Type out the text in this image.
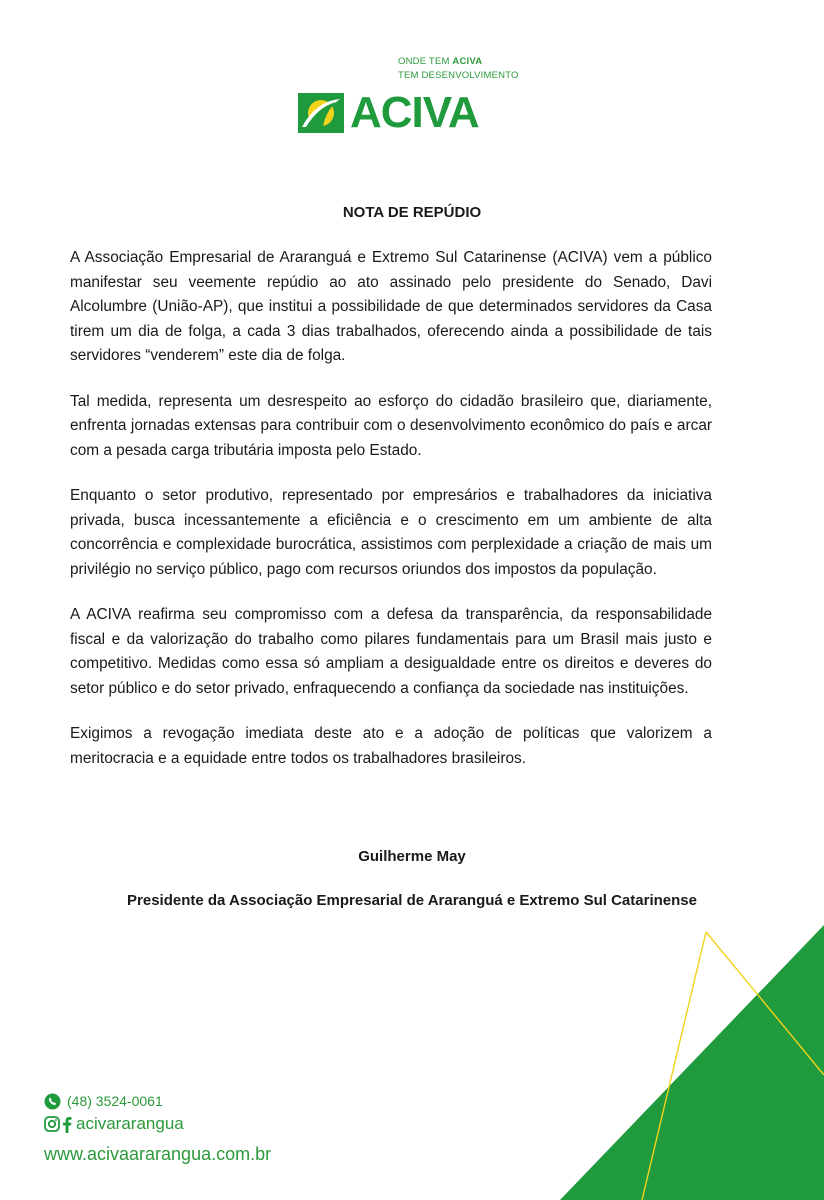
ONDE TEM ACIVA
TEM DESENVOLVIMENTO
ACIVA
NOTA DE REPÚDIO

A Associação Empresarial de Araranguá e Extremo Sul Catarinense (ACIVA) vem a público manifestar seu veemente repúdio ao ato assinado pelo presidente do Senado, Davi Alcolumbre (União-AP), que institui a possibilidade de que determinados servidores da Casa tirem um dia de folga, a cada 3 dias trabalhados, oferecendo ainda a possibilidade de tais servidores “venderem” este dia de folga.

Tal medida, representa um desrespeito ao esforço do cidadão brasileiro que, diariamente, enfrenta jornadas extensas para contribuir com o desenvolvimento econômico do país e arcar com a pesada carga tributária imposta pelo Estado.

Enquanto o setor produtivo, representado por empresários e trabalhadores da iniciativa privada, busca incessantemente a eficiência e o crescimento em um ambiente de alta concorrência e complexidade burocrática, assistimos com perplexidade a criação de mais um privilégio no serviço público, pago com recursos oriundos dos impostos da população.

A ACIVA reafirma seu compromisso com a defesa da transparência, da responsabilidade fiscal e da valorização do trabalho como pilares fundamentais para um Brasil mais justo e competitivo. Medidas como essa só ampliam a desigualdade entre os direitos e deveres do setor público e do setor privado, enfraquecendo a confiança da sociedade nas instituições.

Exigimos a revogação imediata deste ato e a adoção de políticas que valorizem a meritocracia e a equidade entre todos os trabalhadores brasileiros.

Guilherme May
Presidente da Associação Empresarial de Araranguá e Extremo Sul Catarinense
(48) 3524-0061
acivararangua
www.acivaararangua.com.br
